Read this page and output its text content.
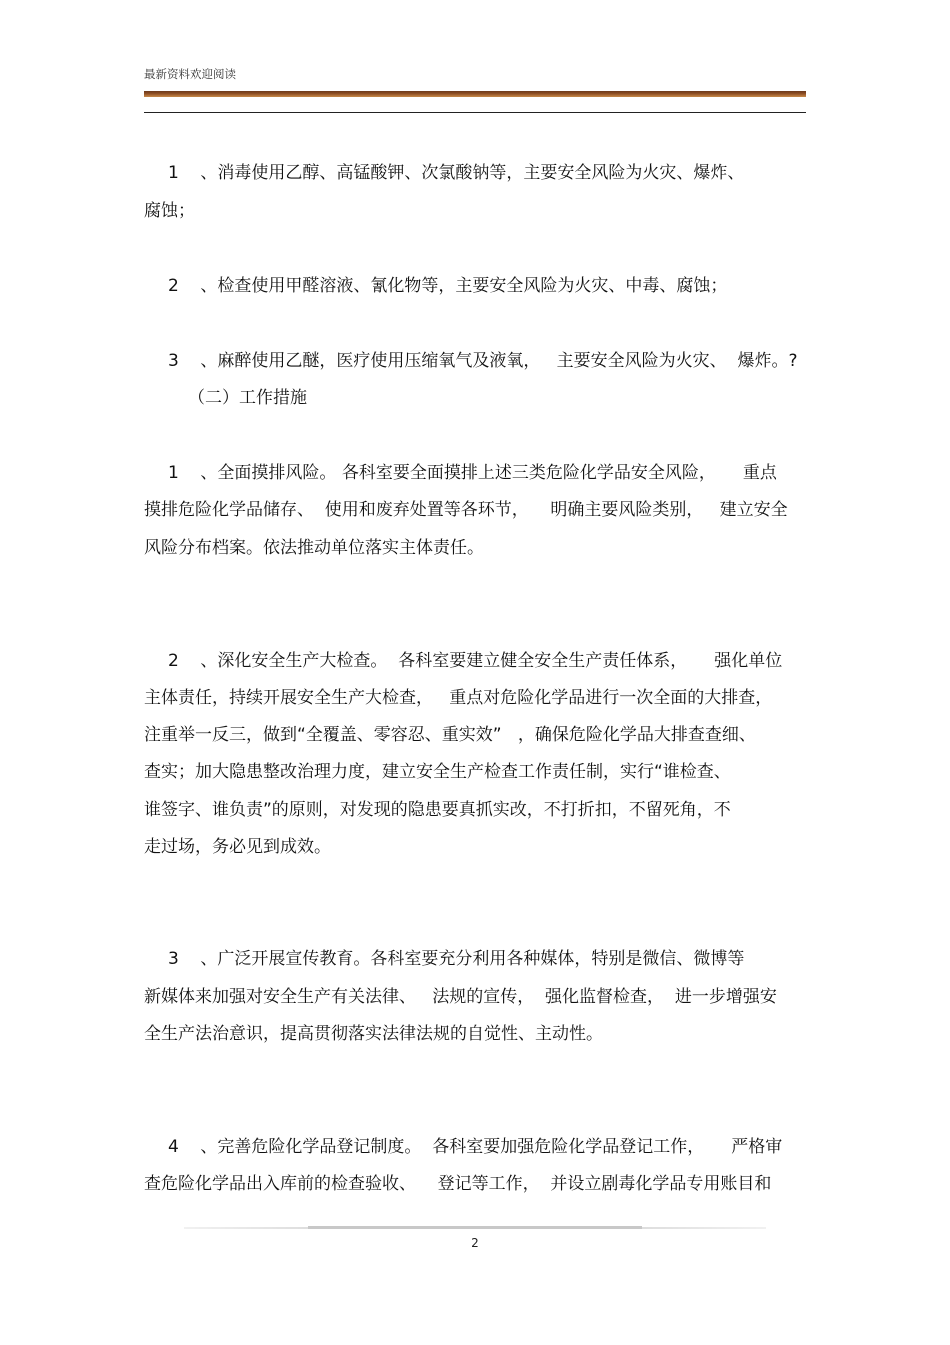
最新资料欢迎阅读
1    、消毒使用乙醇、高锰酸钾、次氯酸钠等，主要安全风险为火灾、爆炸、
腐蚀；
2    、检查使用甲醛溶液、氰化物等，主要安全风险为火灾、中毒、腐蚀；
3    、麻醉使用乙醚，医疗使用压缩氧气及液氧，   主要安全风险为火灾、  爆炸。?
（二）工作措施
1    、全面摸排风险。 各科室要全面摸排上述三类危险化学品安全风险，     重点
摸排危险化学品储存、  使用和废弃处置等各环节，    明确主要风险类别，   建立安全
风险分布档案。依法推动单位落实主体责任。
2    、深化安全生产大检查。  各科室要建立健全安全生产责任体系，     强化单位
主体责任，持续开展安全生产大检查，   重点对危险化学品进行一次全面的大排查，
注重举一反三，做到“全覆盖、零容忍、重实效”   ，确保危险化学品大排查查细、
查实；加大隐患整改治理力度，建立安全生产检查工作责任制，实行“谁检查、
谁签字、谁负责”的原则，对发现的隐患要真抓实改，不打折扣，不留死角，不
走过场，务必见到成效。
3    、广泛开展宣传教育。各科室要充分利用各种媒体，特别是微信、微博等
新媒体来加强对安全生产有关法律、   法规的宣传，  强化监督检查，  进一步增强安
全生产法治意识，提高贯彻落实法律法规的自觉性、主动性。
4    、完善危险化学品登记制度。  各科室要加强危险化学品登记工作，     严格审
查危险化学品出入库前的检查验收、    登记等工作，  并设立剧毒化学品专用账目和
2
